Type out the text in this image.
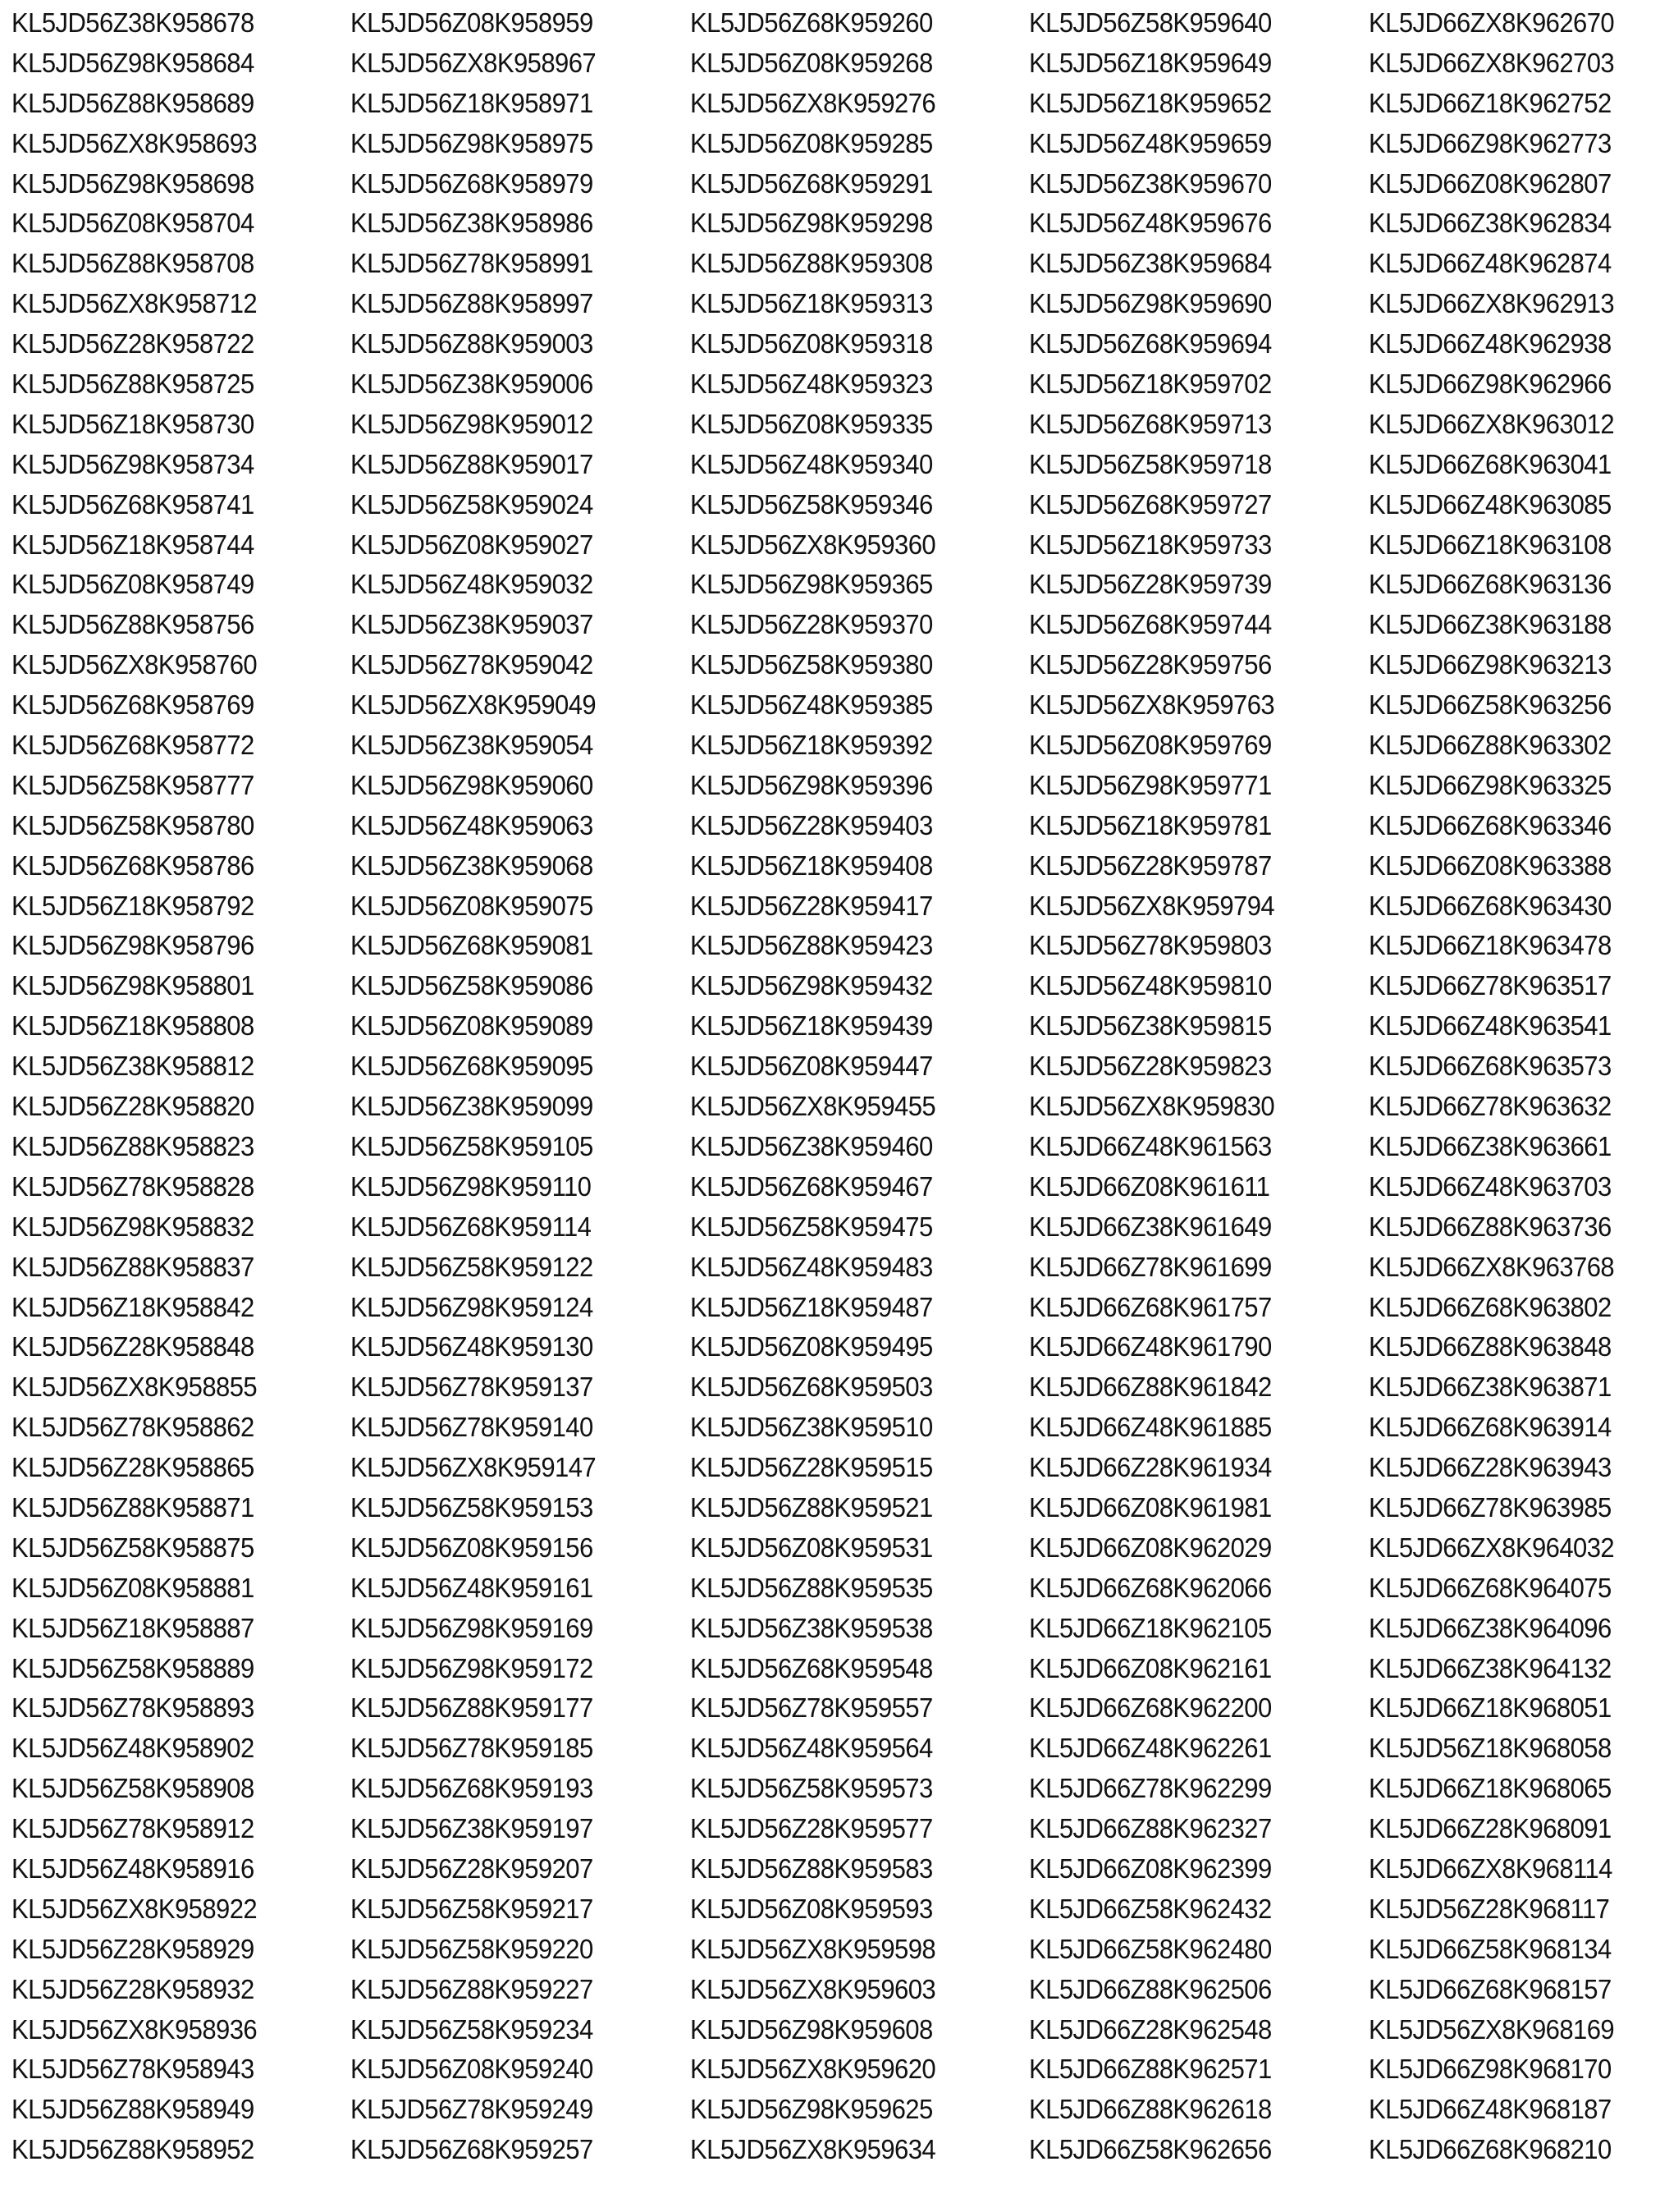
KL5JD56Z38K958678
KL5JD56Z98K958684
KL5JD56Z88K958689
KL5JD56ZX8K958693
KL5JD56Z98K958698
KL5JD56Z08K958704
KL5JD56Z88K958708
KL5JD56ZX8K958712
KL5JD56Z28K958722
KL5JD56Z88K958725
KL5JD56Z18K958730
KL5JD56Z98K958734
KL5JD56Z68K958741
KL5JD56Z18K958744
KL5JD56Z08K958749
KL5JD56Z88K958756
KL5JD56ZX8K958760
KL5JD56Z68K958769
KL5JD56Z68K958772
KL5JD56Z58K958777
KL5JD56Z58K958780
KL5JD56Z68K958786
KL5JD56Z18K958792
KL5JD56Z98K958796
KL5JD56Z98K958801
KL5JD56Z18K958808
KL5JD56Z38K958812
KL5JD56Z28K958820
KL5JD56Z88K958823
KL5JD56Z78K958828
KL5JD56Z98K958832
KL5JD56Z88K958837
KL5JD56Z18K958842
KL5JD56Z28K958848
KL5JD56ZX8K958855
KL5JD56Z78K958862
KL5JD56Z28K958865
KL5JD56Z88K958871
KL5JD56Z58K958875
KL5JD56Z08K958881
KL5JD56Z18K958887
KL5JD56Z58K958889
KL5JD56Z78K958893
KL5JD56Z48K958902
KL5JD56Z58K958908
KL5JD56Z78K958912
KL5JD56Z48K958916
KL5JD56ZX8K958922
KL5JD56Z28K958929
KL5JD56Z28K958932
KL5JD56ZX8K958936
KL5JD56Z78K958943
KL5JD56Z88K958949
KL5JD56Z88K958952
KL5JD56Z08K958959
KL5JD56ZX8K958967
KL5JD56Z18K958971
KL5JD56Z98K958975
KL5JD56Z68K958979
KL5JD56Z38K958986
KL5JD56Z78K958991
KL5JD56Z88K958997
KL5JD56Z88K959003
KL5JD56Z38K959006
KL5JD56Z98K959012
KL5JD56Z88K959017
KL5JD56Z58K959024
KL5JD56Z08K959027
KL5JD56Z48K959032
KL5JD56Z38K959037
KL5JD56Z78K959042
KL5JD56ZX8K959049
KL5JD56Z38K959054
KL5JD56Z98K959060
KL5JD56Z48K959063
KL5JD56Z38K959068
KL5JD56Z08K959075
KL5JD56Z68K959081
KL5JD56Z58K959086
KL5JD56Z08K959089
KL5JD56Z68K959095
KL5JD56Z38K959099
KL5JD56Z58K959105
KL5JD56Z98K959110
KL5JD56Z68K959114
KL5JD56Z58K959122
KL5JD56Z98K959124
KL5JD56Z48K959130
KL5JD56Z78K959137
KL5JD56Z78K959140
KL5JD56ZX8K959147
KL5JD56Z58K959153
KL5JD56Z08K959156
KL5JD56Z48K959161
KL5JD56Z98K959169
KL5JD56Z98K959172
KL5JD56Z88K959177
KL5JD56Z78K959185
KL5JD56Z68K959193
KL5JD56Z38K959197
KL5JD56Z28K959207
KL5JD56Z58K959217
KL5JD56Z58K959220
KL5JD56Z88K959227
KL5JD56Z58K959234
KL5JD56Z08K959240
KL5JD56Z78K959249
KL5JD56Z68K959257
KL5JD56Z68K959260
KL5JD56Z08K959268
KL5JD56ZX8K959276
KL5JD56Z08K959285
KL5JD56Z68K959291
KL5JD56Z98K959298
KL5JD56Z88K959308
KL5JD56Z18K959313
KL5JD56Z08K959318
KL5JD56Z48K959323
KL5JD56Z08K959335
KL5JD56Z48K959340
KL5JD56Z58K959346
KL5JD56ZX8K959360
KL5JD56Z98K959365
KL5JD56Z28K959370
KL5JD56Z58K959380
KL5JD56Z48K959385
KL5JD56Z18K959392
KL5JD56Z98K959396
KL5JD56Z28K959403
KL5JD56Z18K959408
KL5JD56Z28K959417
KL5JD56Z88K959423
KL5JD56Z98K959432
KL5JD56Z18K959439
KL5JD56Z08K959447
KL5JD56ZX8K959455
KL5JD56Z38K959460
KL5JD56Z68K959467
KL5JD56Z58K959475
KL5JD56Z48K959483
KL5JD56Z18K959487
KL5JD56Z08K959495
KL5JD56Z68K959503
KL5JD56Z38K959510
KL5JD56Z28K959515
KL5JD56Z88K959521
KL5JD56Z08K959531
KL5JD56Z88K959535
KL5JD56Z38K959538
KL5JD56Z68K959548
KL5JD56Z78K959557
KL5JD56Z48K959564
KL5JD56Z58K959573
KL5JD56Z28K959577
KL5JD56Z88K959583
KL5JD56Z08K959593
KL5JD56ZX8K959598
KL5JD56ZX8K959603
KL5JD56Z98K959608
KL5JD56ZX8K959620
KL5JD56Z98K959625
KL5JD56ZX8K959634
KL5JD56Z58K959640
KL5JD56Z18K959649
KL5JD56Z18K959652
KL5JD56Z48K959659
KL5JD56Z38K959670
KL5JD56Z48K959676
KL5JD56Z38K959684
KL5JD56Z98K959690
KL5JD56Z68K959694
KL5JD56Z18K959702
KL5JD56Z68K959713
KL5JD56Z58K959718
KL5JD56Z68K959727
KL5JD56Z18K959733
KL5JD56Z28K959739
KL5JD56Z68K959744
KL5JD56Z28K959756
KL5JD56ZX8K959763
KL5JD56Z08K959769
KL5JD56Z98K959771
KL5JD56Z18K959781
KL5JD56Z28K959787
KL5JD56ZX8K959794
KL5JD56Z78K959803
KL5JD56Z48K959810
KL5JD56Z38K959815
KL5JD56Z28K959823
KL5JD56ZX8K959830
KL5JD66Z48K961563
KL5JD66Z08K961611
KL5JD66Z38K961649
KL5JD66Z78K961699
KL5JD66Z68K961757
KL5JD66Z48K961790
KL5JD66Z88K961842
KL5JD66Z48K961885
KL5JD66Z28K961934
KL5JD66Z08K961981
KL5JD66Z08K962029
KL5JD66Z68K962066
KL5JD66Z18K962105
KL5JD66Z08K962161
KL5JD66Z68K962200
KL5JD66Z48K962261
KL5JD66Z78K962299
KL5JD66Z88K962327
KL5JD66Z08K962399
KL5JD66Z58K962432
KL5JD66Z58K962480
KL5JD66Z88K962506
KL5JD66Z28K962548
KL5JD66Z88K962571
KL5JD66Z88K962618
KL5JD66Z58K962656
KL5JD66ZX8K962670
KL5JD66ZX8K962703
KL5JD66Z18K962752
KL5JD66Z98K962773
KL5JD66Z08K962807
KL5JD66Z38K962834
KL5JD66Z48K962874
KL5JD66ZX8K962913
KL5JD66Z48K962938
KL5JD66Z98K962966
KL5JD66ZX8K963012
KL5JD66Z68K963041
KL5JD66Z48K963085
KL5JD66Z18K963108
KL5JD66Z68K963136
KL5JD66Z38K963188
KL5JD66Z98K963213
KL5JD66Z58K963256
KL5JD66Z88K963302
KL5JD66Z98K963325
KL5JD66Z68K963346
KL5JD66Z08K963388
KL5JD66Z68K963430
KL5JD66Z18K963478
KL5JD66Z78K963517
KL5JD66Z48K963541
KL5JD66Z68K963573
KL5JD66Z78K963632
KL5JD66Z38K963661
KL5JD66Z48K963703
KL5JD66Z88K963736
KL5JD66ZX8K963768
KL5JD66Z68K963802
KL5JD66Z88K963848
KL5JD66Z38K963871
KL5JD66Z68K963914
KL5JD66Z28K963943
KL5JD66Z78K963985
KL5JD66ZX8K964032
KL5JD66Z68K964075
KL5JD66Z38K964096
KL5JD66Z38K964132
KL5JD66Z18K968051
KL5JD56Z18K968058
KL5JD66Z18K968065
KL5JD66Z28K968091
KL5JD66ZX8K968114
KL5JD56Z28K968117
KL5JD66Z58K968134
KL5JD66Z68K968157
KL5JD56ZX8K968169
KL5JD66Z98K968170
KL5JD66Z48K968187
KL5JD66Z68K968210
